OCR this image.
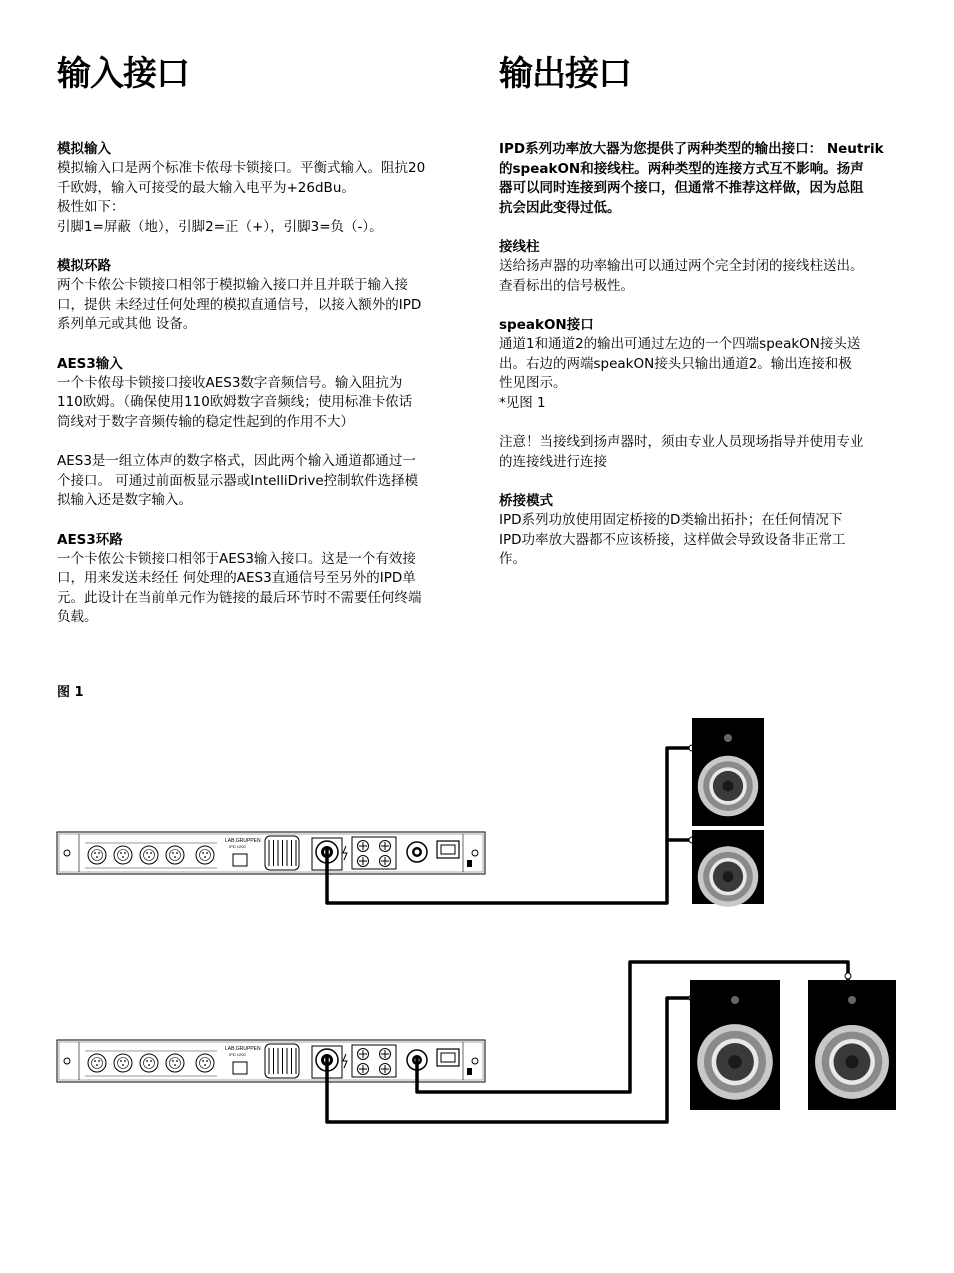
输入接口
模拟输入

模拟输入口是两个标准卡侬母卡锁接口。平衡式输入。阻抗20

千欧姆，输入可接受的最大输入电平为+26dBu。

极性如下：

引脚1=屏蔽（地），引脚2=正（+），引脚3=负（-）。

模拟环路

两个卡侬公卡锁接口相邻于模拟输入接口并且并联于输入接

口，提供 未经过任何处理的模拟直通信号，以接入额外的IPD

系列单元或其他 设备。

AES3输入

一个卡侬母卡锁接口接收AES3数字音频信号。输入阻抗为

110欧姆。（确保使用110欧姆数字音频线；使用标准卡侬话

筒线对于数字音频传输的稳定性起到的作用不大）

AES3是一组立体声的数字格式，因此两个输入通道都通过一

个接口。 可通过前面板显示器或IntelliDrive控制软件选择模

拟输入还是数字输入。

AES3环路

一个卡侬公卡锁接口相邻于AES3输入接口。这是一个有效接

口，用来发送未经任 何处理的AES3直通信号至另外的IPD单

元。此设计在当前单元作为链接的最后环节时不需要任何终端

负载。

输出接口

IPD系列功率放大器为您提供了两种类型的输出接口： Neutrik

的speakON和接线柱。两种类型的连接方式互不影响。扬声

器可以同时连接到两个接口，但通常不推荐这样做，因为总阻

抗会因此变得过低。

接线柱

送给扬声器的功率输出可以通过两个完全封闭的接线柱送出。

查看标出的信号极性。

speakON接口

通道1和通道2的输出可通过左边的一个四端speakON接头送

出。右边的两端speakON接头只输出通道2。输出连接和极

性见图示。

*见图 1

注意！当接线到扬声器时，须由专业人员现场指导并使用专业

的连接线进行连接

桥接模式

IPD系列功放使用固定桥接的D类输出拓扑；在任何情况下

IPD功率放大器都不应该桥接，这样做会导致设备非正常工

作。

图 1
LAB.GRUPPEN
IPD 1200
LAB.GRUPPEN
IPD 1200
